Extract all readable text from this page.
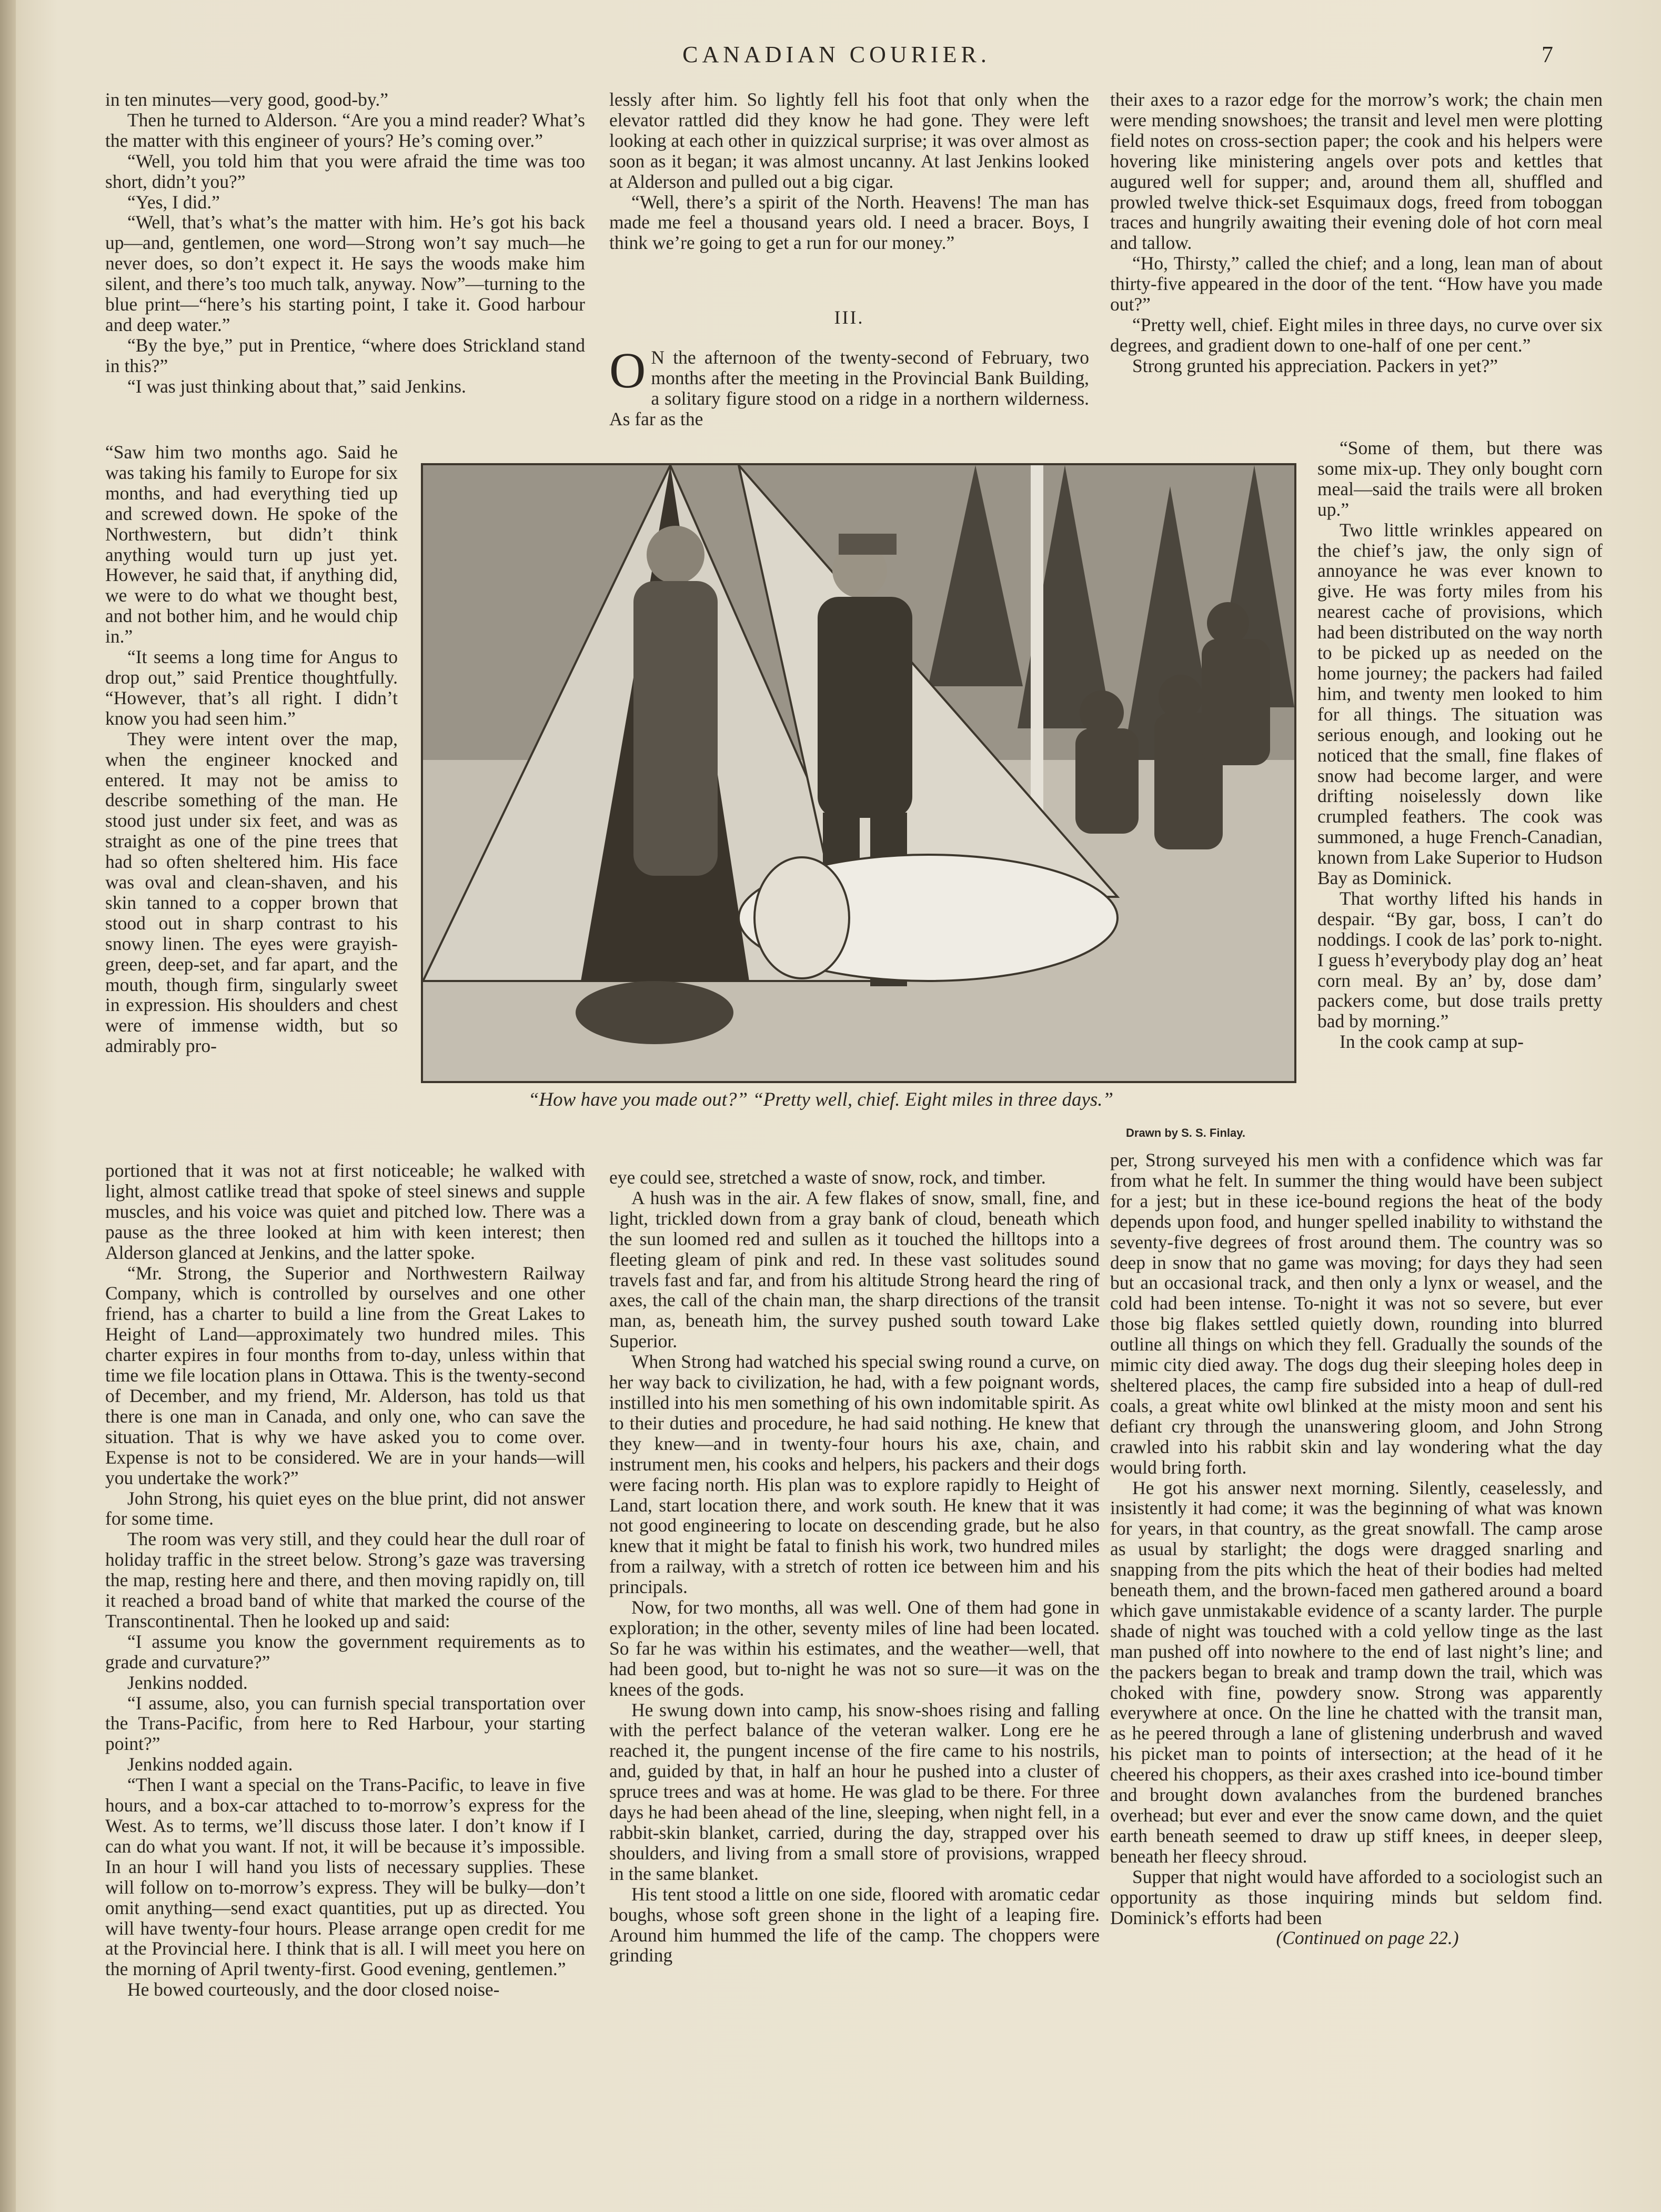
CANADIAN COURIER.	7

in ten minutes—very good, good-by.”

Then he turned to Alderson. “Are you a mind reader? What’s the matter with this engineer of yours? He’s coming over.”

“Well, you told him that you were afraid the time was too short, didn’t you?”

“Yes, I did.”

“Well, that’s what’s the matter with him. He’s got his back up—and, gentlemen, one word—Strong won’t say much—he never does, so don’t expect it. He says the woods make him silent, and there’s too much talk, anyway. Now”—turning to the blue print—“here’s his starting point, I take it. Good harbour and deep water.”

“By the bye,” put in Prentice, “where does Strickland stand in this?”

“I was just thinking about that,” said Jenkins.

“Saw him two months ago. Said he was taking his family to Europe for six months, and had everything tied up and screwed down. He spoke of the Northwestern, but didn’t think anything would turn up just yet. However, he said that, if anything did, we were to do what we thought best, and not bother him, and he would chip in.”

“It seems a long time for Angus to drop out,” said Prentice thoughtfully. “However, that’s all right. I didn’t know you had seen him.”

They were intent over the map, when the engineer knocked and entered. It may not be amiss to describe something of the man. He stood just under six feet, and was as straight as one of the pine trees that had so often sheltered him. His face was oval and clean-shaven, and his skin tanned to a copper brown that stood out in sharp contrast to his snowy linen. The eyes were grayish-green, deep-set, and far apart, and the mouth, though firm, singularly sweet in expression. His shoulders and chest were of immense width, but so admirably pro-

portioned that it was not at first noticeable; he walked with light, almost catlike tread that spoke of steel sinews and supple muscles, and his voice was quiet and pitched low. There was a pause as the three looked at him with keen interest; then Alderson glanced at Jenkins, and the latter spoke.

“Mr. Strong, the Superior and Northwestern Railway Company, which is controlled by ourselves and one other friend, has a charter to build a line from the Great Lakes to Height of Land—approximately two hundred miles. This charter expires in four months from to-day, unless within that time we file location plans in Ottawa. This is the twenty-second of December, and my friend, Mr. Alderson, has told us that there is one man in Canada, and only one, who can save the situation. That is why we have asked you to come over. Expense is not to be considered. We are in your hands—will you undertake the work?”

John Strong, his quiet eyes on the blue print, did not answer for some time.

The room was very still, and they could hear the dull roar of holiday traffic in the street below. Strong’s gaze was traversing the map, resting here and there, and then moving rapidly on, till it reached a broad band of white that marked the course of the Transcontinental. Then he looked up and said:

“I assume you know the government requirements as to grade and curvature?”

Jenkins nodded.

“I assume, also, you can furnish special transportation over the Trans-Pacific, from here to Red Harbour, your starting point?”

Jenkins nodded again.

“Then I want a special on the Trans-Pacific, to leave in five hours, and a box-car attached to to-morrow’s express for the West. As to terms, we’ll discuss those later. I don’t know if I can do what you want. If not, it will be because it’s impossible. In an hour I will hand you lists of necessary supplies. These will follow on to-morrow’s express. They will be bulky—don’t omit anything—send exact quantities, put up as directed. You will have twenty-four hours. Please arrange open credit for me at the Provincial here. I think that is all. I will meet you here on the morning of April twenty-first. Good evening, gentlemen.”

He bowed courteously, and the door closed noise-

lessly after him. So lightly fell his foot that only when the elevator rattled did they know he had gone. They were left looking at each other in quizzical surprise; it was over almost as soon as it began; it was almost uncanny. At last Jenkins looked at Alderson and pulled out a big cigar.

“Well, there’s a spirit of the North. Heavens! The man has made me feel a thousand years old. I need a bracer. Boys, I think we’re going to get a run for our money.”

III.

O N the afternoon of the twenty-second of February, two months after the meeting in the Provincial Bank Building, a solitary figure stood on a ridge in a northern wilderness. As far as the

eye could see, stretched a waste of snow, rock, and timber.

A hush was in the air. A few flakes of snow, small, fine, and light, trickled down from a gray bank of cloud, beneath which the sun loomed red and sullen as it touched the hilltops into a fleeting gleam of pink and red. In these vast solitudes sound travels fast and far, and from his altitude Strong heard the ring of axes, the call of the chain man, the sharp directions of the transit man, as, beneath him, the survey pushed south toward Lake Superior.

When Strong had watched his special swing round a curve, on her way back to civilization, he had, with a few poignant words, instilled into his men something of his own indomitable spirit. As to their duties and procedure, he had said nothing. He knew that they knew—and in twenty-four hours his axe, chain, and instrument men, his cooks and helpers, his packers and their dogs were facing north. His plan was to explore rapidly to Height of Land, start location there, and work south. He knew that it was not good engineering to locate on descending grade, but he also knew that it might be fatal to finish his work, two hundred miles from a railway, with a stretch of rotten ice between him and his principals.

Now, for two months, all was well. One of them had gone in exploration; in the other, seventy miles of line had been located. So far he was within his estimates, and the weather—well, that had been good, but to-night he was not so sure—it was on the knees of the gods.

He swung down into camp, his snow-shoes rising and falling with the perfect balance of the veteran walker. Long ere he reached it, the pungent incense of the fire came to his nostrils, and, guided by that, in half an hour he pushed into a cluster of spruce trees and was at home. He was glad to be there. For three days he had been ahead of the line, sleeping, when night fell, in a rabbit-skin blanket, carried, during the day, strapped over his shoulders, and living from a small store of provisions, wrapped in the same blanket.

His tent stood a little on one side, floored with aromatic cedar boughs, whose soft green shone in the light of a leaping fire. Around him hummed the life of the camp. The choppers were grinding

their axes to a razor edge for the morrow’s work; the chain men were mending snowshoes; the transit and level men were plotting field notes on cross-section paper; the cook and his helpers were hovering like ministering angels over pots and kettles that augured well for supper; and, around them all, shuffled and prowled twelve thick-set Esquimaux dogs, freed from toboggan traces and hungrily awaiting their evening dole of hot corn meal and tallow.

“Ho, Thirsty,” called the chief; and a long, lean man of about thirty-five appeared in the door of the tent. “How have you made out?”

“Pretty well, chief. Eight miles in three days, no curve over six degrees, and gradient down to one-half of one per cent.”

Strong grunted his appreciation. Packers in yet?”

“Some of them, but there was some mix-up. They only bought corn meal—said the trails were all broken up.”

Two little wrinkles appeared on the chief’s jaw, the only sign of annoyance he was ever known to give. He was forty miles from his nearest cache of provisions, which had been distributed on the way north to be picked up as needed on the home journey; the packers had failed him, and twenty men looked to him for all things. The situation was serious enough, and looking out he noticed that the small, fine flakes of snow had become larger, and were drifting noiselessly down like crumpled feathers. The cook was summoned, a huge French-Canadian, known from Lake Superior to Hudson Bay as Dominick.

That worthy lifted his hands in despair. “By gar, boss, I can’t do noddings. I cook de las’ pork to-night. I guess h’everybody play dog an’ heat corn meal. By an’ by, dose dam’ packers come, but dose trails pretty bad by morning.”

In the cook camp at sup-

per, Strong surveyed his men with a confidence which was far from what he felt. In summer the thing would have been subject for a jest; but in these ice-bound regions the heat of the body depends upon food, and hunger spelled inability to withstand the seventy-five degrees of frost around them. The country was so deep in snow that no game was moving; for days they had seen but an occasional track, and then only a lynx or weasel, and the cold had been intense. To-night it was not so severe, but ever those big flakes settled quietly down, rounding into blurred outline all things on which they fell. Gradually the sounds of the mimic city died away. The dogs dug their sleeping holes deep in sheltered places, the camp fire subsided into a heap of dull-red coals, a great white owl blinked at the misty moon and sent his defiant cry through the unanswering gloom, and John Strong crawled into his rabbit skin and lay wondering what the day would bring forth.

He got his answer next morning. Silently, ceaselessly, and insistently it had come; it was the beginning of what was known for years, in that country, as the great snowfall. The camp arose as usual by starlight; the dogs were dragged snarling and snapping from the pits which the heat of their bodies had melted beneath them, and the brown-faced men gathered around a board which gave unmistakable evidence of a scanty larder. The purple shade of night was touched with a cold yellow tinge as the last man pushed off into nowhere to the end of last night’s line; and the packers began to break and tramp down the trail, which was choked with fine, powdery snow. Strong was apparently everywhere at once. On the line he chatted with the transit man, as he peered through a lane of glistening underbrush and waved his picket man to points of intersection; at the head of it he cheered his choppers, as their axes crashed into ice-bound timber and brought down avalanches from the burdened branches overhead; but ever and ever the snow came down, and the quiet earth beneath seemed to draw up stiff knees, in deeper sleep, beneath her fleecy shroud.

Supper that night would have afforded to a sociologist such an opportunity as those inquiring minds but seldom find. Dominick’s efforts had been

(Continued on page 22.)

“How have you made out?” “Pretty well, chief. Eight miles in three days.”
Drawn by S. S. Finlay.
